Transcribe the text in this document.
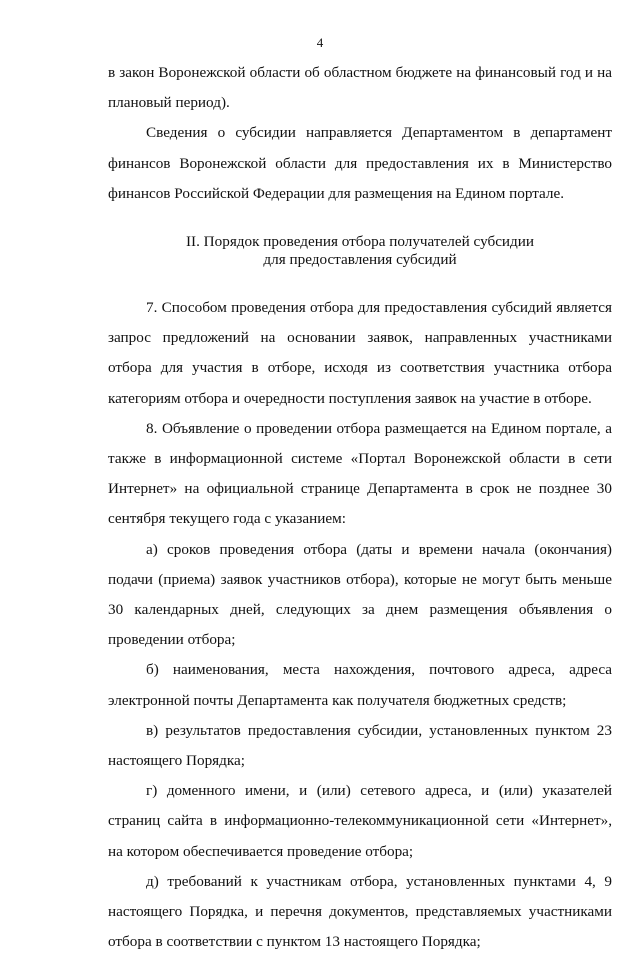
4

в закон Воронежской области об областном бюджете на финансовый год и на плановый период).

Сведения о субсидии направляется Департаментом в департамент финансов Воронежской области для предоставления их в Министерство финансов Российской Федерации для размещения на Едином портале.

II. Порядок проведения отбора получателей субсидии
для предоставления субсидий

7. Способом проведения отбора для предоставления субсидий является запрос предложений на основании заявок, направленных участниками отбора для участия в отборе, исходя из соответствия участника отбора категориям отбора и очередности поступления заявок на участие в отборе.

8. Объявление о проведении отбора размещается на Едином портале, а также в информационной системе «Портал Воронежской области в сети Интернет» на официальной странице Департамента в срок не позднее 30 сентября текущего года с указанием:

а) сроков проведения отбора (даты и времени начала (окончания) подачи (приема) заявок участников отбора), которые не могут быть меньше 30 календарных дней, следующих за днем размещения объявления о проведении отбора;

б) наименования, места нахождения, почтового адреса, адреса электронной почты Департамента как получателя бюджетных средств;

в) результатов предоставления субсидии, установленных пунктом 23 настоящего Порядка;

г) доменного имени, и (или) сетевого адреса, и (или) указателей страниц сайта в информационно-телекоммуникационной сети «Интернет», на котором обеспечивается проведение отбора;

д) требований к участникам отбора, установленных пунктами 4, 9 настоящего Порядка, и перечня документов, представляемых участниками отбора в соответствии с пунктом 13 настоящего Порядка;
